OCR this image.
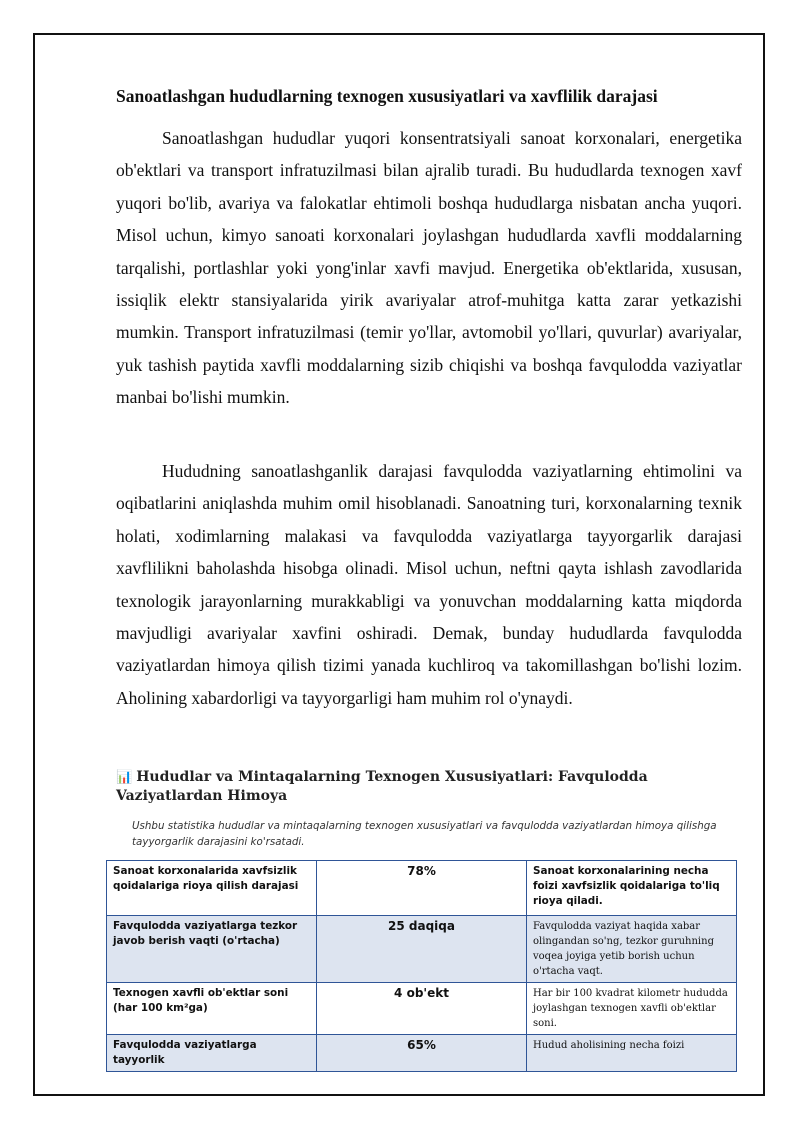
Sanoatlashgan hududlarning texnogen xususiyatlari va xavflilik darajasi

Sanoatlashgan hududlar yuqori konsentratsiyali sanoat korxonalari, energetika ob'ektlari va transport infratuzilmasi bilan ajralib turadi. Bu hududlarda texnogen xavf yuqori bo'lib, avariya va falokatlar ehtimoli boshqa hududlarga nisbatan ancha yuqori. Misol uchun, kimyo sanoati korxonalari joylashgan hududlarda xavfli moddalarning tarqalishi, portlashlar yoki yong'inlar xavfi mavjud. Energetika ob'ektlarida, xususan, issiqlik elektr stansiyalarida yirik avariyalar atrof-muhitga katta zarar yetkazishi mumkin. Transport infratuzilmasi (temir yo'llar, avtomobil yo'llari, quvurlar) avariyalar, yuk tashish paytida xavfli moddalarning sizib chiqishi va boshqa favqulodda vaziyatlar manbai bo'lishi mumkin.

Hududning sanoatlashganlik darajasi favqulodda vaziyatlarning ehtimolini va oqibatlarini aniqlashda muhim omil hisoblanadi. Sanoatning turi, korxonalarning texnik holati, xodimlarning malakasi va favqulodda vaziyatlarga tayyorgarlik darajasi xavflilikni baholashda hisobga olinadi. Misol uchun, neftni qayta ishlash zavodlarida texnologik jarayonlarning murakkabligi va yonuvchan moddalarning katta miqdorda mavjudligi avariyalar xavfini oshiradi. Demak, bunday hududlarda favqulodda vaziyatlardan himoya qilish tizimi yanada kuchliroq va takomillashgan bo'lishi lozim. Aholining xabardorligi va tayyorgarligi ham muhim rol o'ynaydi.

📊 Hududlar va Mintaqalarning Texnogen Xususiyatlari: Favqulodda Vaziyatlardan Himoya

Ushbu statistika hududlar va mintaqalarning texnogen xususiyatlari va favqulodda vaziyatlardan himoya qilishga tayyorgarlik darajasini ko'rsatadi.

Sanoat korxonalarida xavfsizlik qoidalariga rioya qilish darajasi	78%	Sanoat korxonalarining necha foizi xavfsizlik qoidalariga to'liq rioya qiladi.
Favqulodda vaziyatlarga tezkor javob berish vaqti (o'rtacha)	25 daqiqa	Favqulodda vaziyat haqida xabar olingandan so'ng, tezkor guruhning voqea joyiga yetib borish uchun o'rtacha vaqt.
Texnogen xavfli ob'ektlar soni (har 100 km²ga)	4 ob'ekt	Har bir 100 kvadrat kilometr hududda joylashgan texnogen xavfli ob'ektlar soni.
Favqulodda vaziyatlarga tayyorlik	65%	Hudud aholisining necha foizi
